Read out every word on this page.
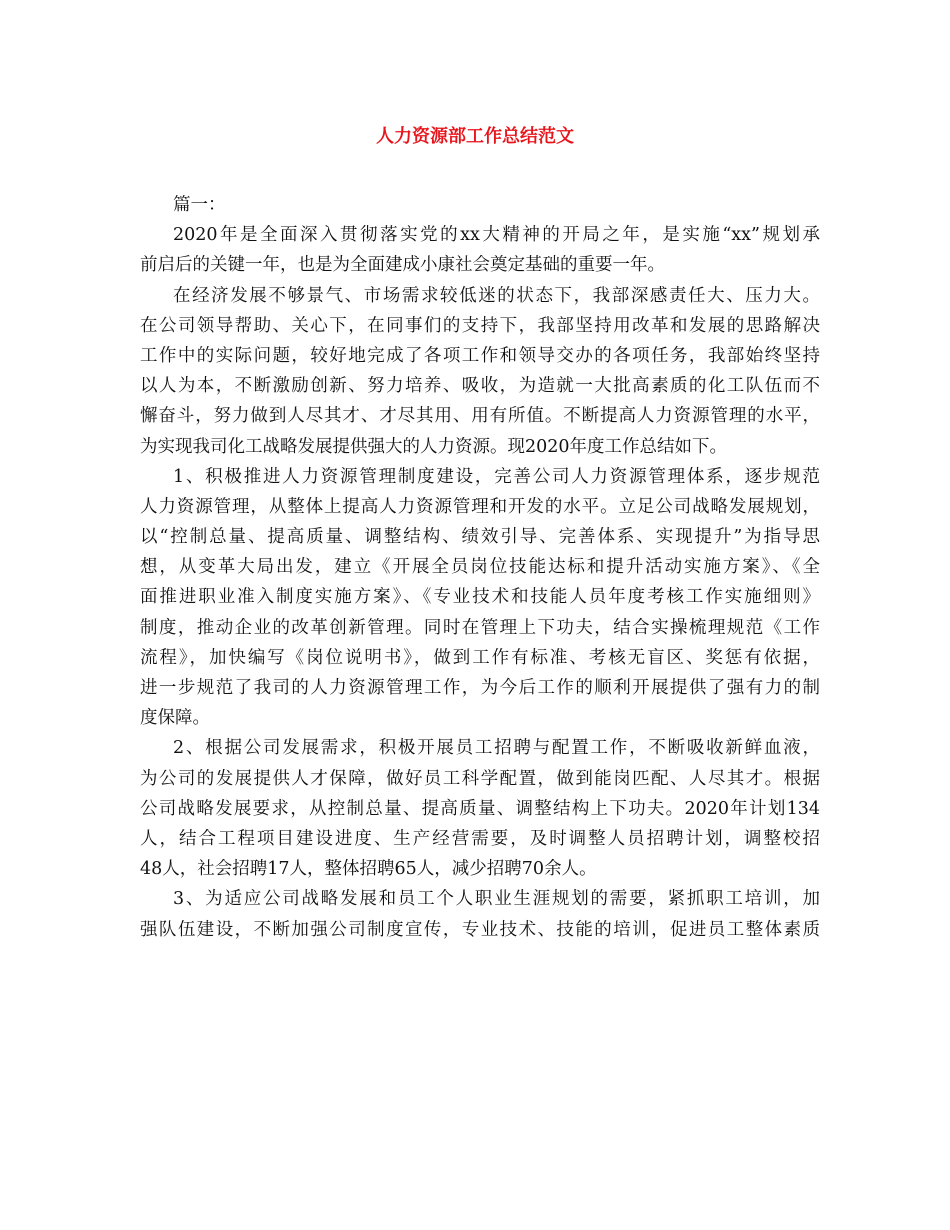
人力资源部工作总结范文
篇一：
2020年是全面深入贯彻落实党的xx大精神的开局之年，是实施“xx”规划承
前启后的关键一年，也是为全面建成小康社会奠定基础的重要一年。
在经济发展不够景气、市场需求较低迷的状态下，我部深感责任大、压力大。
在公司领导帮助、关心下，在同事们的支持下，我部坚持用改革和发展的思路解决
工作中的实际问题，较好地完成了各项工作和领导交办的各项任务，我部始终坚持
以人为本，不断激励创新、努力培养、吸收，为造就一大批高素质的化工队伍而不
懈奋斗，努力做到人尽其才、才尽其用、用有所值。不断提高人力资源管理的水平，
为实现我司化工战略发展提供强大的人力资源。现2020年度工作总结如下。
1、积极推进人力资源管理制度建设，完善公司人力资源管理体系，逐步规范
人力资源管理，从整体上提高人力资源管理和开发的水平。立足公司战略发展规划，
以“控制总量、提高质量、调整结构、绩效引导、完善体系、实现提升”为指导思
想，从变革大局出发，建立《开展全员岗位技能达标和提升活动实施方案》、《全
面推进职业准入制度实施方案》、《专业技术和技能人员年度考核工作实施细则》
制度，推动企业的改革创新管理。同时在管理上下功夫，结合实操梳理规范《工作
流程》，加快编写《岗位说明书》，做到工作有标准、考核无盲区、奖惩有依据，
进一步规范了我司的人力资源管理工作，为今后工作的顺利开展提供了强有力的制
度保障。
2、根据公司发展需求，积极开展员工招聘与配置工作，不断吸收新鲜血液，
为公司的发展提供人才保障，做好员工科学配置，做到能岗匹配、人尽其才。根据
公司战略发展要求，从控制总量、提高质量、调整结构上下功夫。2020年计划134
人，结合工程项目建设进度、生产经营需要，及时调整人员招聘计划，调整校招
48人，社会招聘17人，整体招聘65人，减少招聘70余人。
3、为适应公司战略发展和员工个人职业生涯规划的需要，紧抓职工培训，加
强队伍建设，不断加强公司制度宣传，专业技术、技能的培训，促进员工整体素质
